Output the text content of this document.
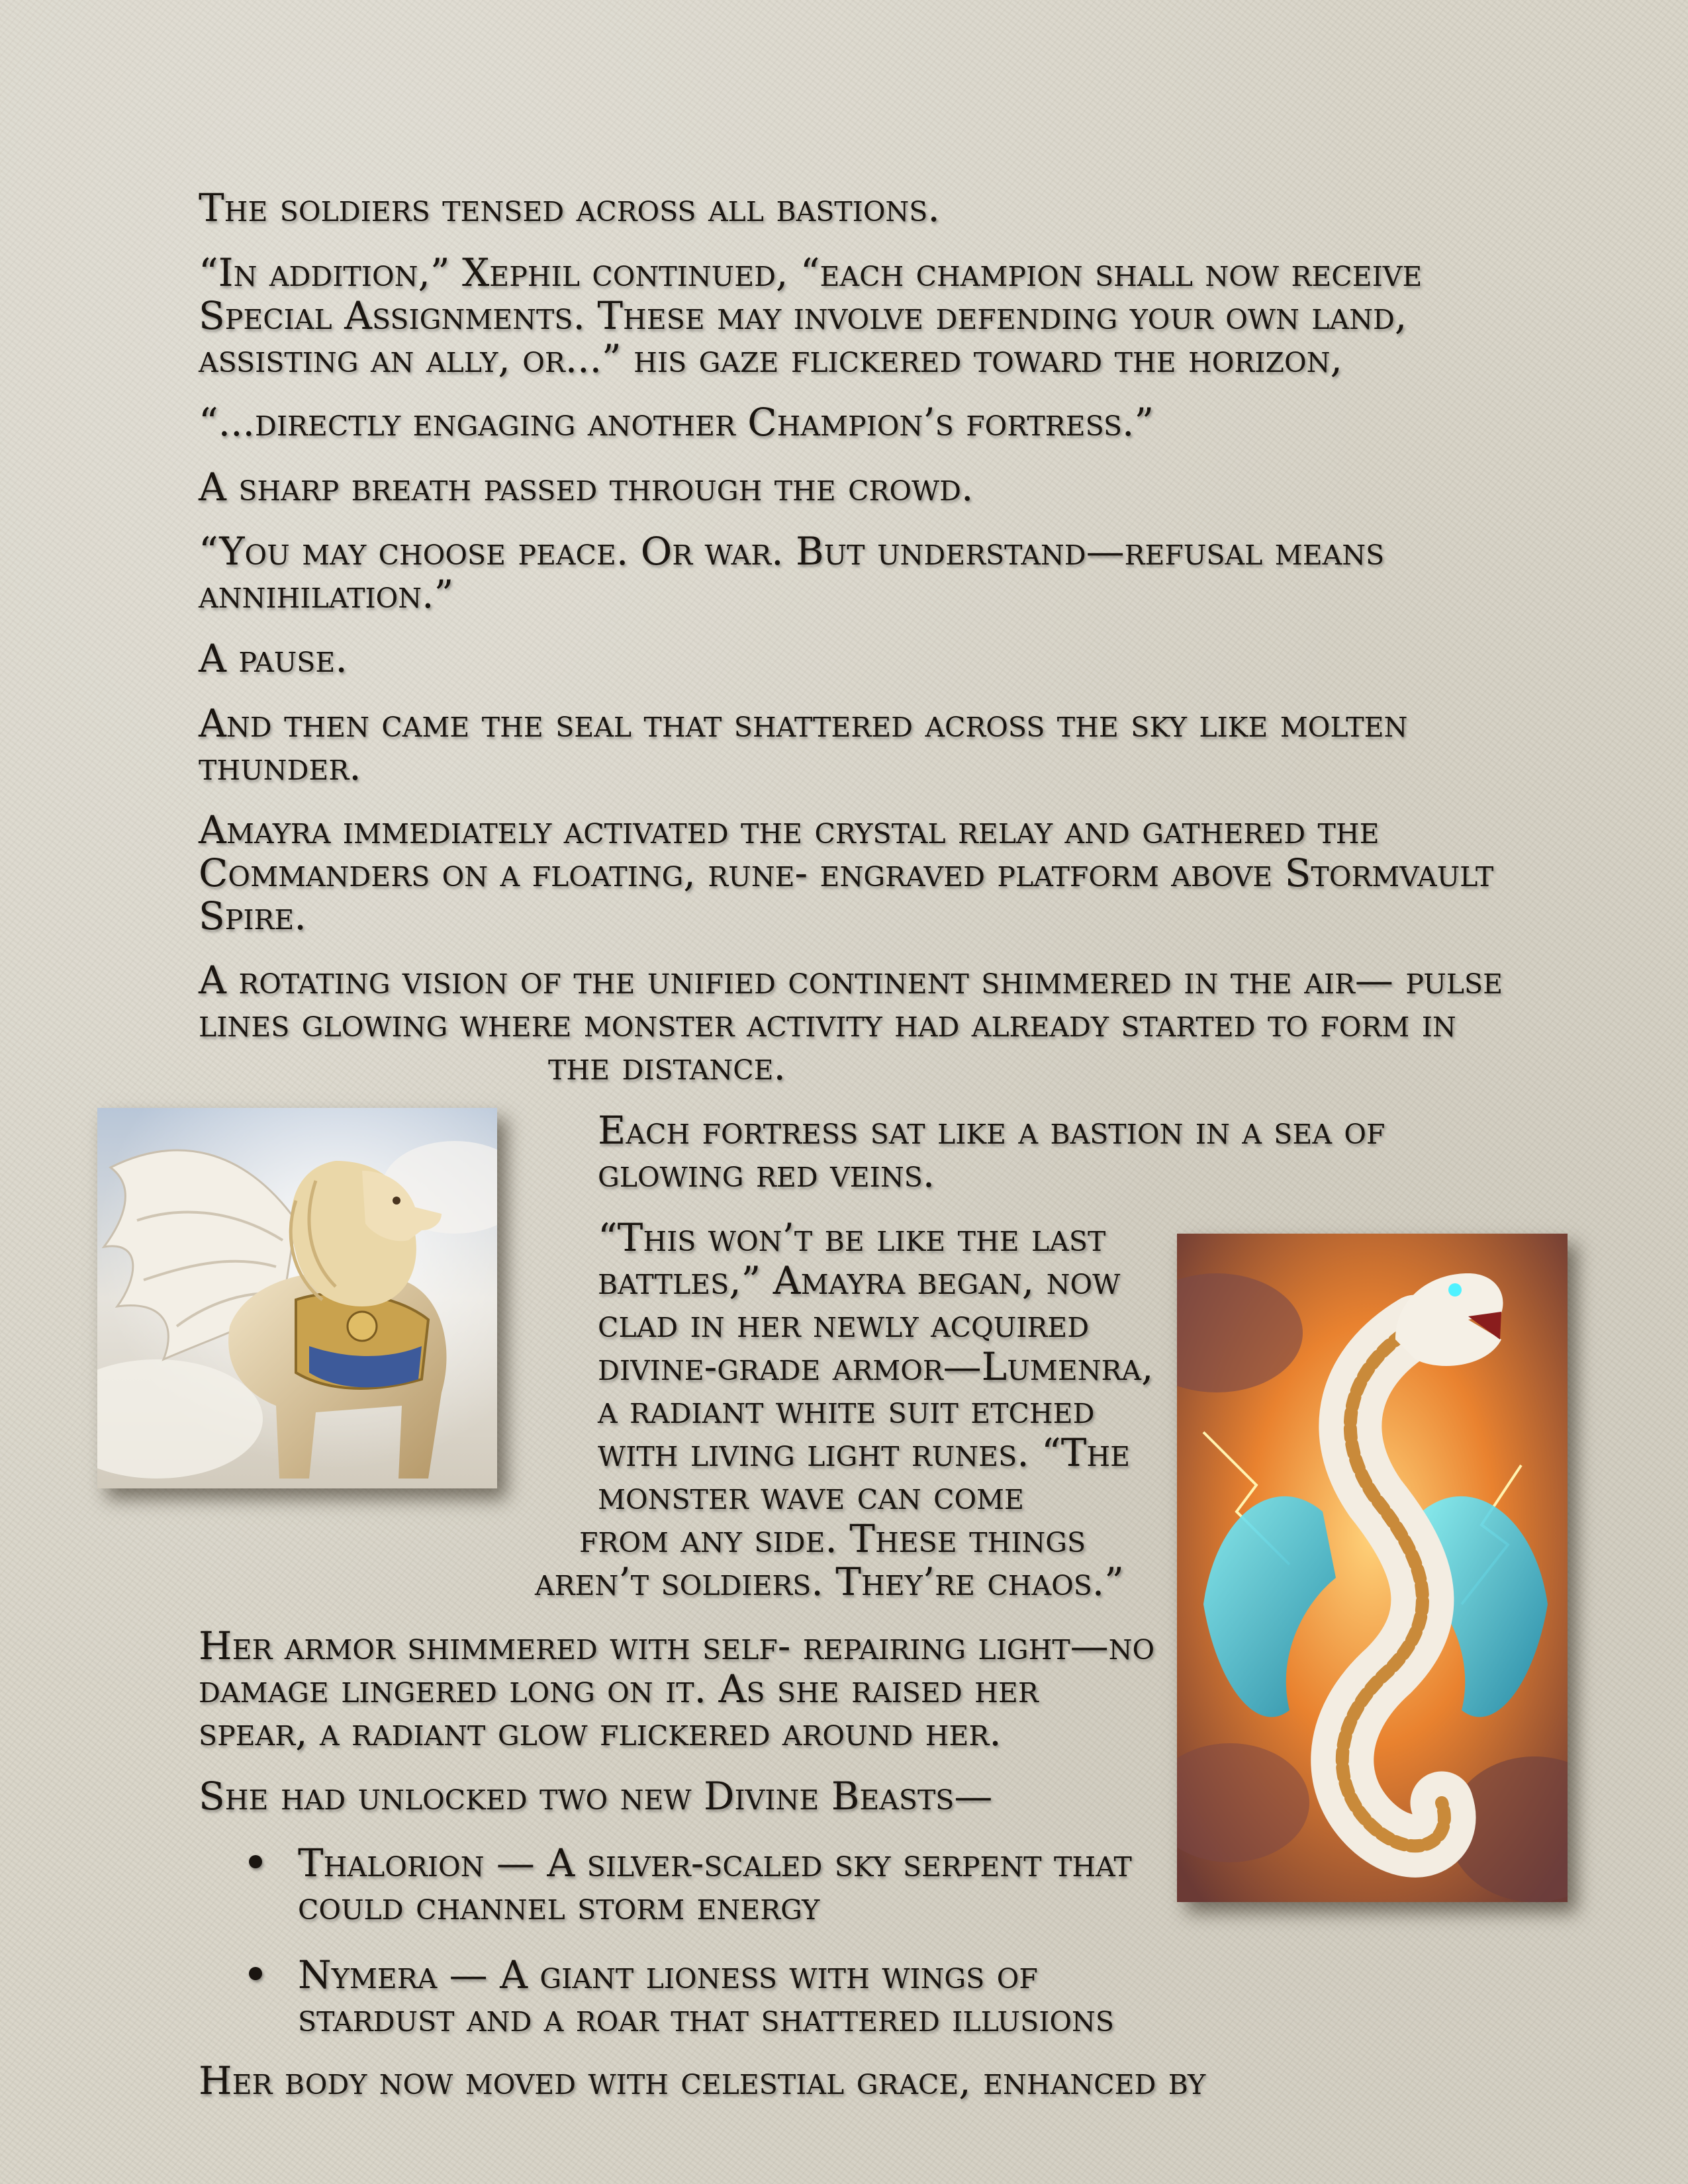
The soldiers tensed across all bastions.

“In addition,” Xephil continued, “each champion shall now receive
Special Assignments. These may involve defending your own land,
assisting an ally, or...” his gaze flickered toward the horizon,

“...directly engaging another Champion’s fortress.”

A sharp breath passed through the crowd.

“You may choose peace. Or war. But understand—refusal means
annihilation.”

A pause.

And then came the seal that shattered across the sky like molten
thunder.

Amayra immediately activated the crystal relay and gathered the
Commanders on a floating, rune- engraved platform above Stormvault
Spire.

A rotating vision of the unified continent shimmered in the air— pulse
lines glowing where monster activity had already started to form in

the distance.

Each fortress sat like a bastion in a sea of
glowing red veins.

“This won’t be like the last
battles,” Amayra began, now
clad in her newly acquired
divine-grade armor—Lumenra,
a radiant white suit etched
with living light runes. “The
monster wave can come

from any side. These things

aren’t soldiers. They’re chaos.”

Her armor shimmered with self- repairing light—no
damage lingered long on it. As she raised her
spear, a radiant glow flickered around her.

She had unlocked two new Divine Beasts—

Thalorion — A silver-scaled sky serpent that
could channel storm energy

Nymera — A giant lioness with wings of
stardust and a roar that shattered illusions

Her body now moved with celestial grace, enhanced by
